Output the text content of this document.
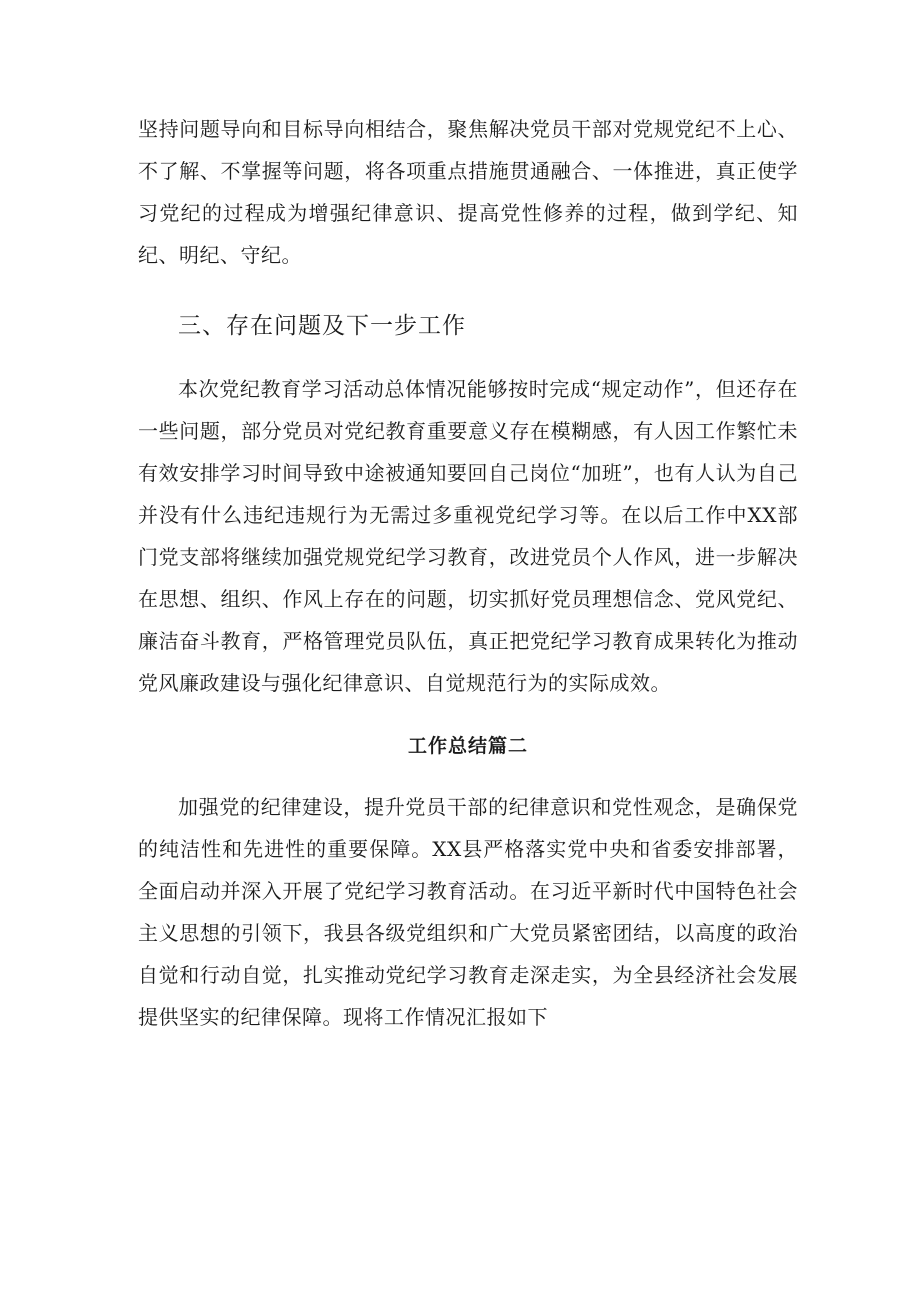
坚持问题导向和目标导向相结合，聚焦解决党员干部对党规党纪不上心、不了解、不掌握等问题，将各项重点措施贯通融合、一体推进，真正使学习党纪的过程成为增强纪律意识、提高党性修养的过程，做到学纪、知纪、明纪、守纪。

三、存在问题及下一步工作

本次党纪教育学习活动总体情况能够按时完成“规定动作”，但还存在一些问题，部分党员对党纪教育重要意义存在模糊感，有人因工作繁忙未有效安排学习时间导致中途被通知要回自己岗位“加班”，也有人认为自己并没有什么违纪违规行为无需过多重视党纪学习等。在以后工作中XX部门党支部将继续加强党规党纪学习教育，改进党员个人作风，进一步解决在思想、组织、作风上存在的问题，切实抓好党员理想信念、党风党纪、廉洁奋斗教育，严格管理党员队伍，真正把党纪学习教育成果转化为推动党风廉政建设与强化纪律意识、自觉规范行为的实际成效。

工作总结篇二

加强党的纪律建设，提升党员干部的纪律意识和党性观念，是确保党的纯洁性和先进性的重要保障。XX县严格落实党中央和省委安排部署，全面启动并深入开展了党纪学习教育活动。在习近平新时代中国特色社会主义思想的引领下，我县各级党组织和广大党员紧密团结，以高度的政治自觉和行动自觉，扎实推动党纪学习教育走深走实，为全县经济社会发展提供坚实的纪律保障。现将工作情况汇报如下
